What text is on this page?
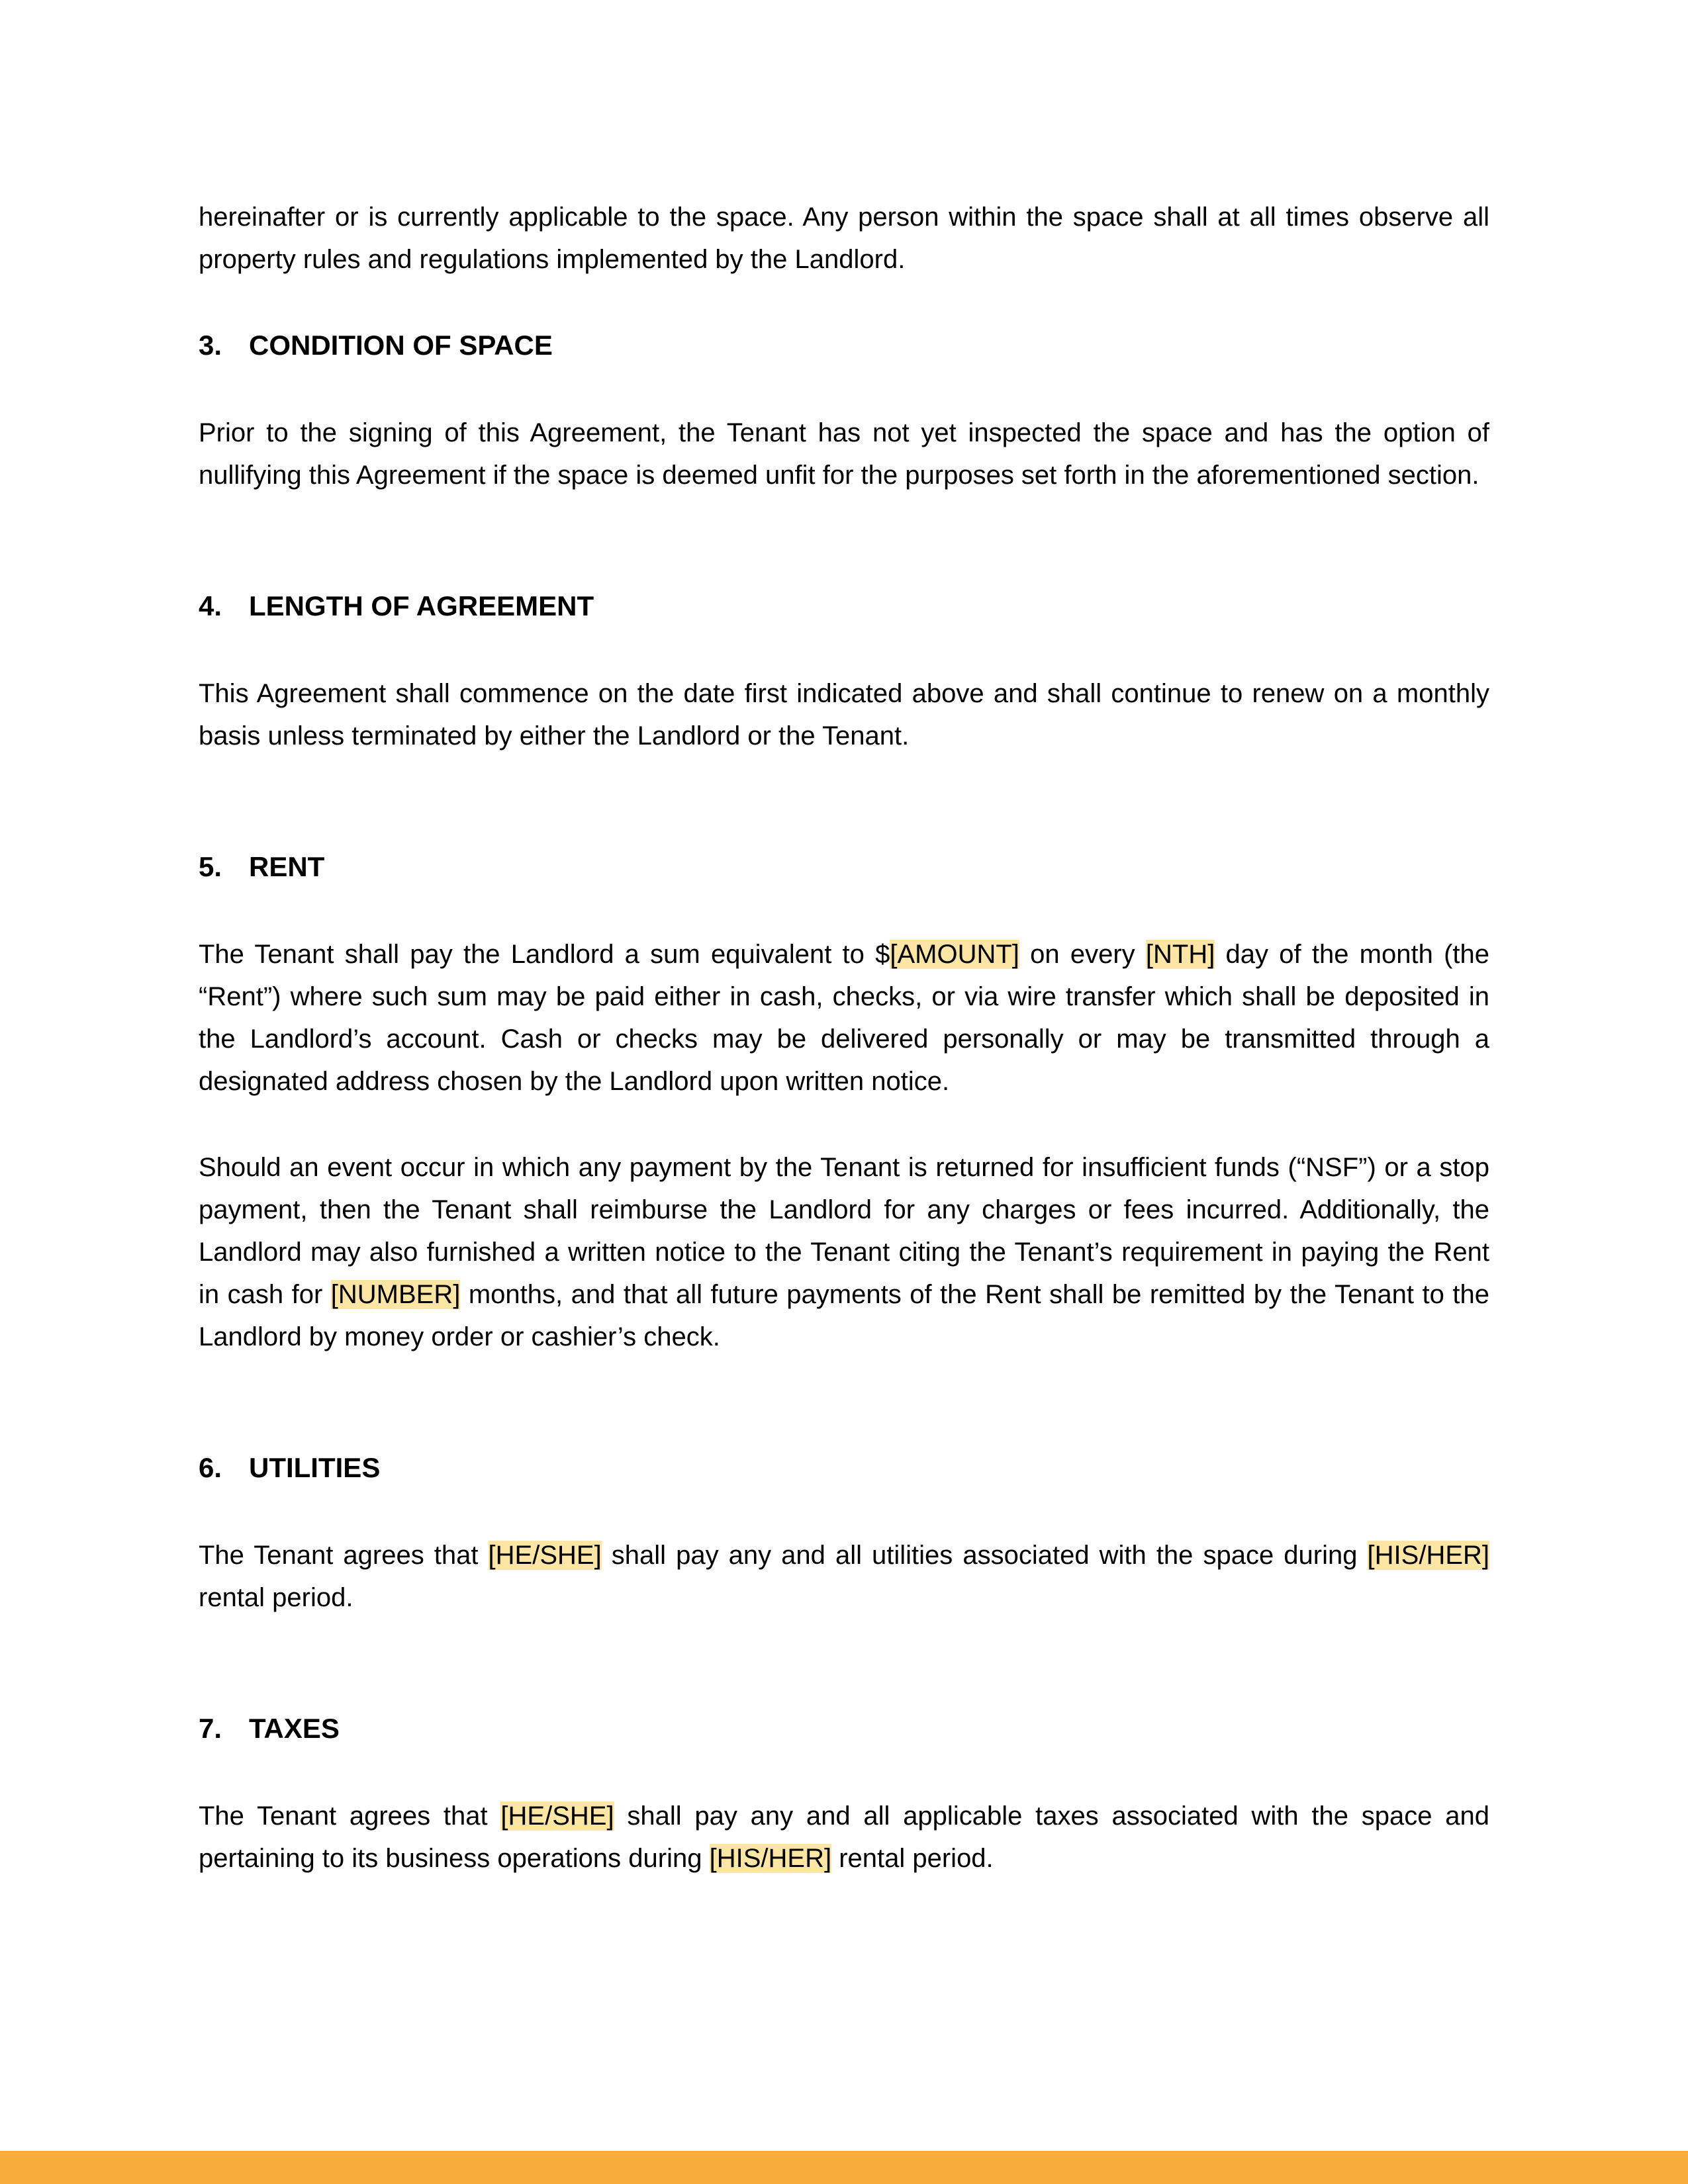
hereinafter or is currently applicable to the space. Any person within the space shall at all times observe all property rules and regulations implemented by the Landlord.

3. CONDITION OF SPACE

Prior to the signing of this Agreement, the Tenant has not yet inspected the space and has the option of nullifying this Agreement if the space is deemed unfit for the purposes set forth in the aforementioned section.

4. LENGTH OF AGREEMENT

This Agreement shall commence on the date first indicated above and shall continue to renew on a monthly basis unless terminated by either the Landlord or the Tenant.

5. RENT

The Tenant shall pay the Landlord a sum equivalent to $[AMOUNT] on every [NTH] day of the month (the “Rent”) where such sum may be paid either in cash, checks, or via wire transfer which shall be deposited in the Landlord’s account. Cash or checks may be delivered personally or may be transmitted through a designated address chosen by the Landlord upon written notice.

Should an event occur in which any payment by the Tenant is returned for insufficient funds (“NSF”) or a stop payment, then the Tenant shall reimburse the Landlord for any charges or fees incurred. Additionally, the Landlord may also furnished a written notice to the Tenant citing the Tenant’s requirement in paying the Rent in cash for [NUMBER] months, and that all future payments of the Rent shall be remitted by the Tenant to the Landlord by money order or cashier’s check.

6. UTILITIES

The Tenant agrees that [HE/SHE] shall pay any and all utilities associated with the space during [HIS/HER] rental period.

7. TAXES

The Tenant agrees that [HE/SHE] shall pay any and all applicable taxes associated with the space and pertaining to its business operations during [HIS/HER] rental period.
